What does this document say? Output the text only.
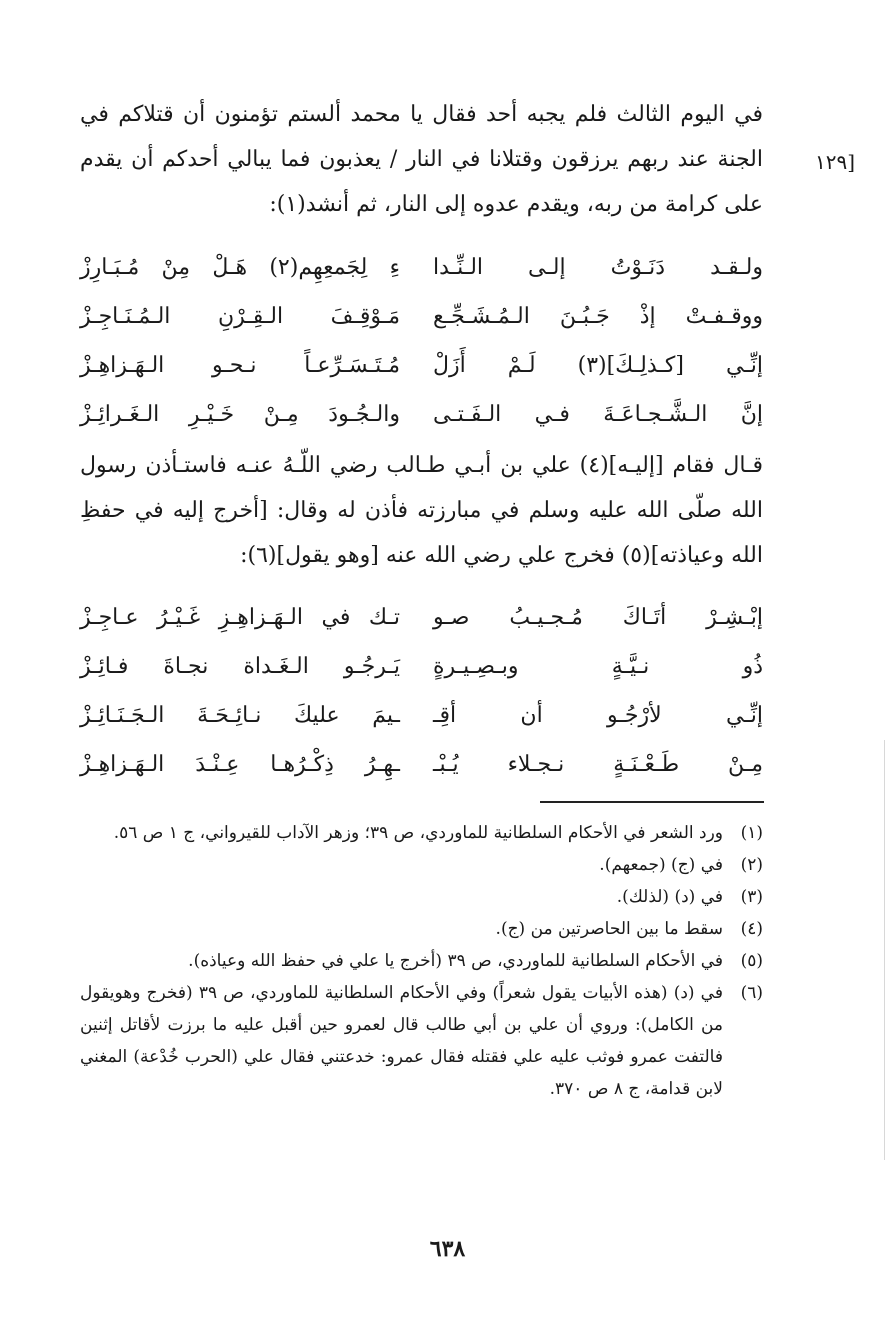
[١٢٩

في اليوم الثالث فلم يجبه أحد فقال يا محمد ألستم تؤمنون أن قتلاكم في الجنة عند ربهم يرزقون وقتلانا في النار / يعذبون فما يبالي أحدكم أن يقدم على كرامة من ربه، ويقدم عدوه إلى النار، ثم أنشد(١):

ولـقـد دَنَـوْتُ إلـى الـنِّـدا
ءِ لِجَمعِهِم(٢) هَـلْ مِنْ مُـبَـارِزْ
ووقـفـتْ إذْ جَـبُـنَ الـمُـشَـجِّـع
مَـوْقِـفَ الـقِـرْنِ الـمُـنَـاجِـزْ
إنِّـي [كـذلِـكَ](٣) لَـمْ أَزَلْ
مُـتَـسَـرِّعـاً نـحـو الـهَـزاهِـزْ
إنَّ الـشَّـجـاعَـةَ فـي الـفَـتـى
والـجُـودَ مِـنْ خَـيْـرِ الـغَـرائِـزْ

قـال فقام [إليـه](٤) علي بن أبـي طـالب رضي اللّـهُ عنـه فاستـأذن رسول الله صلّى الله عليه وسلم في مبارزته فأذن له وقال: [أخرج إليه في حفظِ الله وعياذته](٥) فخرج علي رضي الله عنه [وهو يقول](٦):

إبْـشِـرْ أتَـاكَ مُـجـيـبُ صـو
تـك في الـهَـزاهِـزِ غَـيْـرُ عـاجِـزْ
ذُو نـيَّـةٍ وبـصِـيـرةٍ
يَـرجُـو الـغَـداة نجـاةَ فـائِـزْ
إنِّـي لأرْجُـو أن أقِـ
ـيمَ عليكَ نـائِـحَـةَ الـجَـنَـائِـزْ
مِـنْ طَـعْـنَـةٍ نـجـلاء يُـبْـ
ـهِـرُ ذِكْـرُهـا عِـنْـدَ الـهَـزاهِـزْ
(١)
ورد الشعر في الأحكام السلطانية للماوردي، ص ٣٩؛ وزهر الآداب للقيرواني، ج ١ ص ٥٦.
(٢)
في (ج) (جمعهم).
(٣)
في (د) (لذلك).
(٤)
سقط ما بين الحاصرتين من (ج).
(٥)
في الأحكام السلطانية للماوردي، ص ٣٩ (أخرج يا علي في حفظ الله وعياذه).
(٦)
في (د) (هذه الأبيات يقول شعراً) وفي الأحكام السلطانية للماوردي، ص ٣٩ (فخرج وهويقول من الكامل): وروي أن علي بن أبي طالب قال لعمرو حين أقبل عليه ما برزت لأقاتل إثنين فالتفت عمرو فوثب عليه علي فقتله فقال عمرو: خدعتني فقال علي (الحرب خُدْعة) المغني لابن قدامة، ج ٨ ص ٣٧٠.
٦٣٨
